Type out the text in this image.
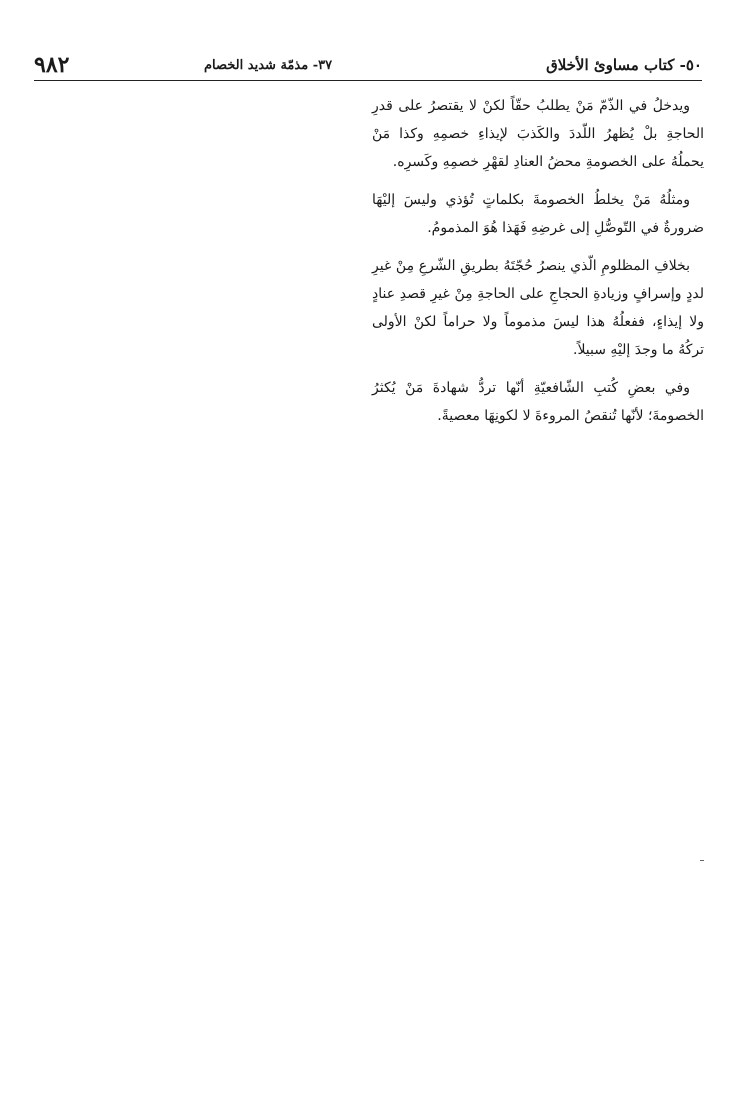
٥٠- كتاب مساوئ الأخلاق
٣٧- مذمّة شديد الخصام
٩٨٢

ويدخلُ في الذّمّ مَنْ يطلبُ حقّاً لكنْ لا يقتصرُ على قدرِ الحاجةِ بلْ يُظهرُ اللّددَ والكَذبَ لإيذاءِ خصمِهِ وكذا مَنْ يحملُهُ على الخصومةِ محضُ العنادِ لقهْرِ خصمِهِ وكَسرِه.

ومثلُهُ مَنْ يخلطُ الخصومةَ بكلماتٍ تُؤذي وليسَ إليْهَا ضرورةٌ في التّوصُّلِ إلى غرضِهِ فَهَذا هُوَ المذمومُ.

بخلافِ المظلومِ الّذي ينصرُ حُجّتَهُ بطريقِ الشّرعِ مِنْ غيرِ لددٍ وإسرافٍ وزيادةِ الحجاجِ على الحاجةِ مِنْ غيرِ قصدِ عنادٍ ولا إيذاءٍ، ففعلُهُ هذا ليسَ مذموماً ولا حراماً لكنْ الأولى تركُهُ ما وجدَ إليْهِ سبيلاً.

وفي بعضِ كُتبِ الشّافعيّةِ أنّها تردُّ شهادةَ مَنْ يُكثرُ الخصومةَ؛ لأنّها تُنقصُ المروءةَ لا لكونِهَا معصيةً.
